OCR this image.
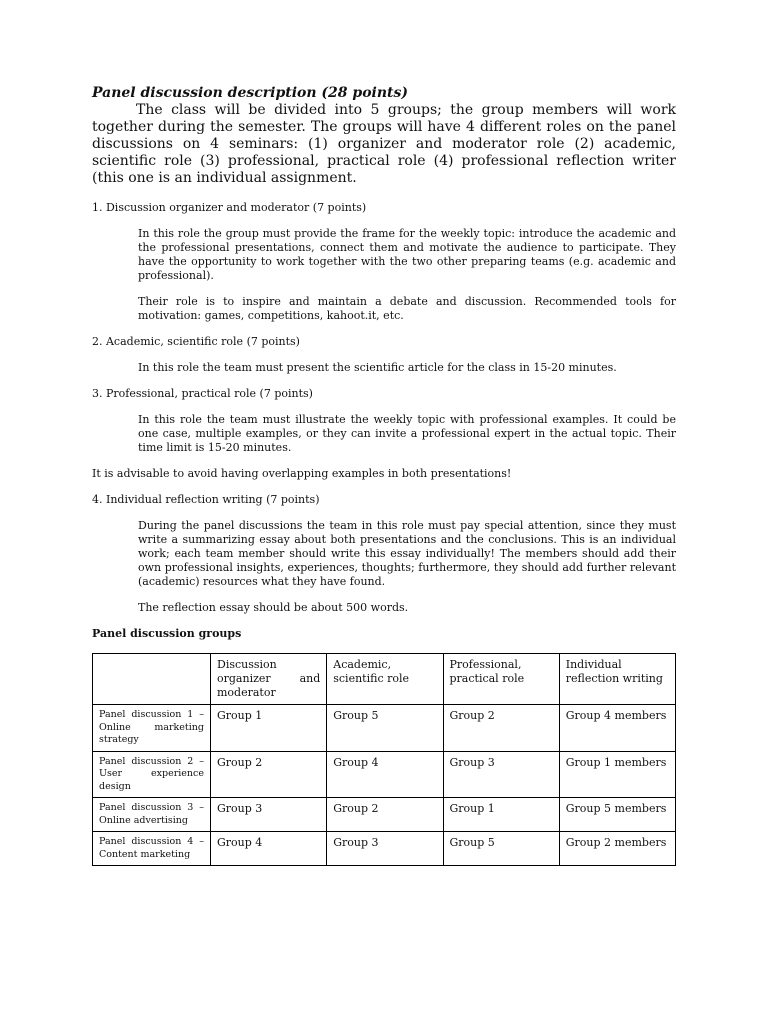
Panel discussion description (28 points)

The class will be divided into 5 groups; the group members will work together during the semester. The groups will have 4 different roles on the panel discussions on 4 seminars: (1) organizer and moderator role (2) academic, scientific role (3) professional, practical role (4) professional reflection writer (this one is an individual assignment.

1. Discussion organizer and moderator (7 points)

In this role the group must provide the frame for the weekly topic: introduce the academic and the professional presentations, connect them and motivate the audience to participate. They have the opportunity to work together with the two other preparing teams (e.g. academic and professional).

Their role is to inspire and maintain a debate and discussion. Recommended tools for motivation: games, competitions, kahoot.it, etc.

2. Academic, scientific role (7 points)

In this role the team must present the scientific article for the class in 15-20 minutes.

3. Professional, practical role (7 points)

In this role the team must illustrate the weekly topic with professional examples. It could be one case, multiple examples, or they can invite a professional expert in the actual topic. Their time limit is 15-20 minutes.

It is advisable to avoid having overlapping examples in both presentations!

4. Individual reflection writing (7 points)

During the panel discussions the team in this role must pay special attention, since they must write a summarizing essay about both presentations and the conclusions. This is an individual work; each team member should write this essay individually! The members should add their own professional insights, experiences, thoughts; furthermore, they should add further relevant (academic) resources what they have found.

The reflection essay should be about 500 words.

Panel discussion groups

	Discussion organizer and moderator	Academic, scientific role	Professional, practical role	Individual reflection writing
Panel discussion 1 – Online marketing strategy	Group 1	Group 5	Group 2	Group 4 members
Panel discussion 2 – User experience design	Group 2	Group 4	Group 3	Group 1 members
Panel discussion 3 – Online advertising	Group 3	Group 2	Group 1	Group 5 members
Panel discussion 4 – Content marketing	Group 4	Group 3	Group 5	Group 2 members
